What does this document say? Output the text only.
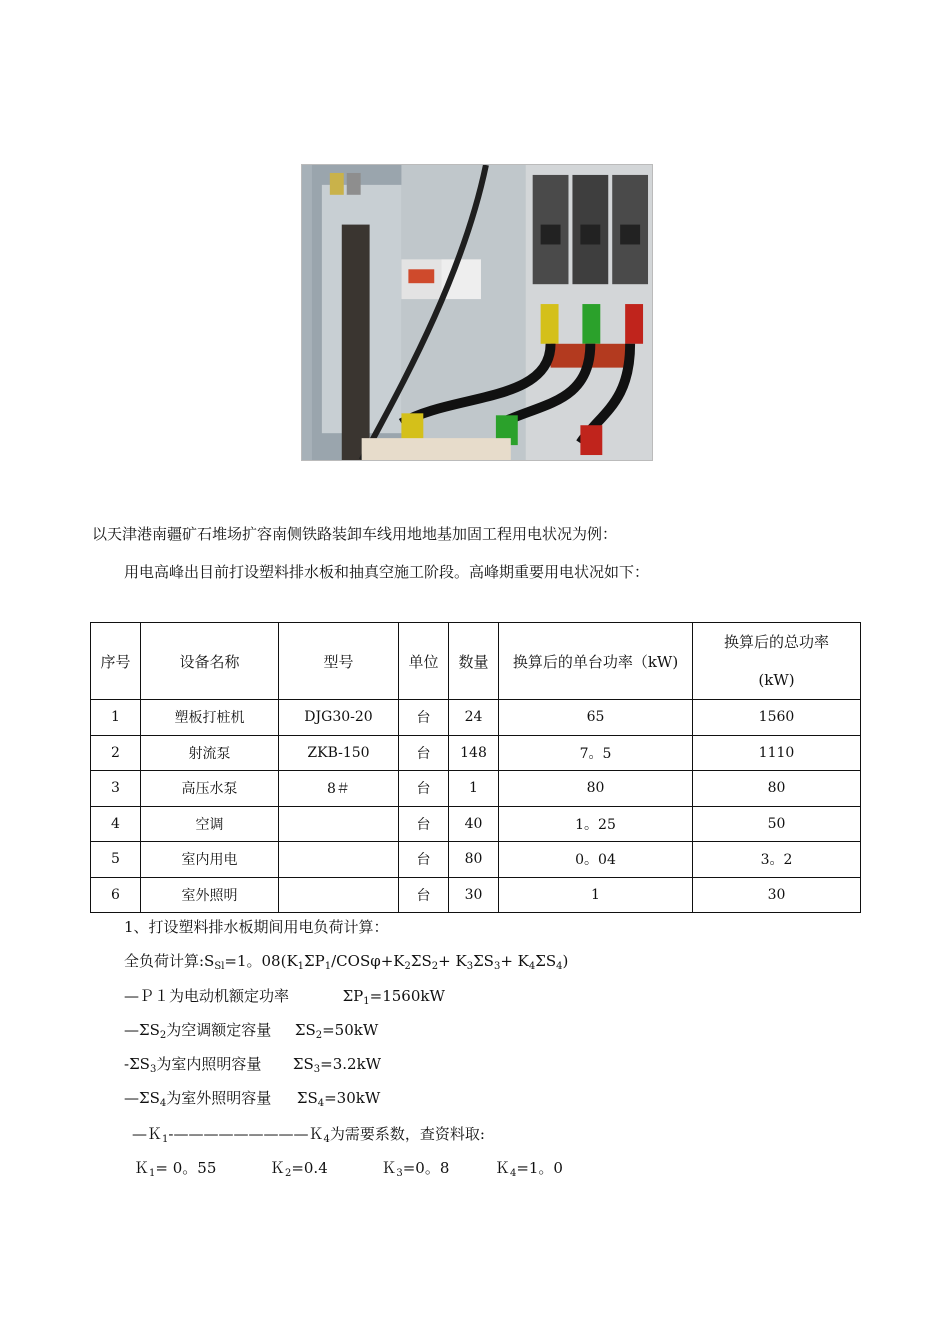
以天津港南疆矿石堆场扩容南侧铁路装卸车线用地地基加固工程用电状况为例：
用电高峰出目前打设塑料排水板和抽真空施工阶段。高峰期重要用电状况如下：
序号	设备名称	型号	单位	数量	换算后的单台功率（kW)	换算后的总功率
(kW)
1	塑板打桩机	DJG30-20	台	24	65	1560
2	射流泵	ZKB-150	台	148	7。5	1110
3	高压水泵	8＃	台	1	80	80
4	空调		台	40	1。25	50
5	室内用电		台	80	0。04	3。2
6	室外照明		台	30	1	30
1、打设塑料排水板期间用电负荷计算：
全负荷计算$:S_{Sl}=1$。$08(K_1\Sigma P_1/COS\varphi+K_2\Sigma S_2+ K_3\Sigma S_3+ K_4\Sigma S_4)$
—Ｐ１为电动机额定功率	$\Sigma P_1=1560kW$
$—\Sigma S_2$为空调额定容量 $\Sigma S_2=50kW$
$-\Sigma S_3$为室内照明容量 $\Sigma S_3=3.2kW$
$—\Sigma S_4$为室外照明容量 $\Sigma S_4=30kW$
—Ｋ$_1$-—————————Ｋ$_4$为需要系数，查资料取:
Ｋ$_1$= 0。55	Ｋ$_2$=0.4	Ｋ$_3$=0。8	Ｋ$_4$=1。0
